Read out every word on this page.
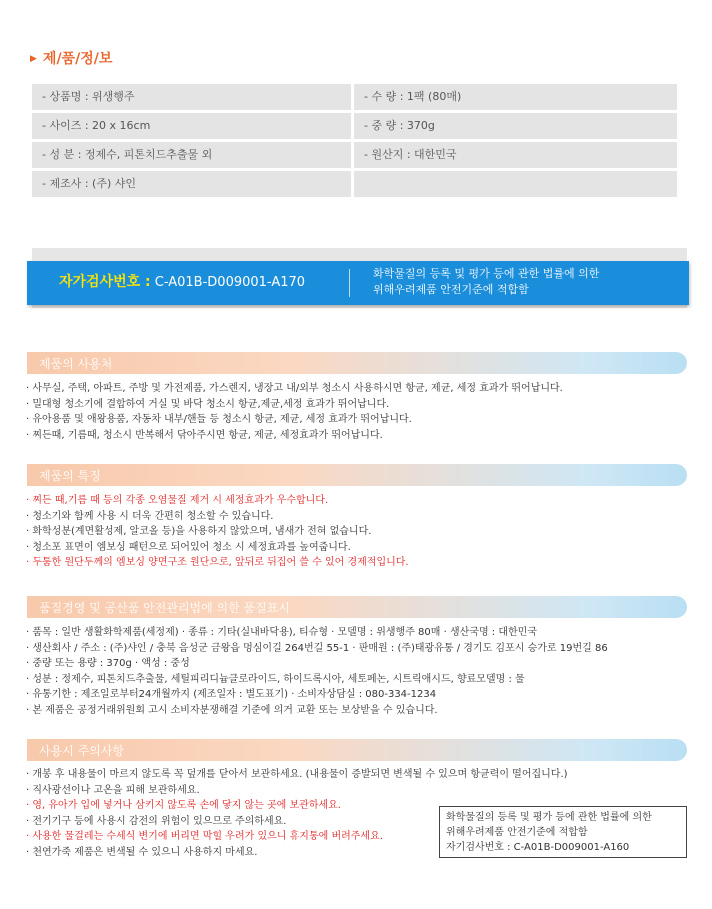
▶ 제/품/정/보
- 상품명 : 위생행주	- 수 량 : 1팩 (80매)
- 사이즈 : 20 x 16cm	- 중 량 : 370g
- 성 분 : 정제수, 피톤치드추출물 외	- 원산지 : 대한민국
- 제조사 : (주) 샤인
자가검사번호 : C-A01B-D009001-A170
화학물질의 등록 및 평가 등에 관한 법률에 의한
위해우려제품 안전기준에 적합함
제품의 사용처
· 사무실, 주택, 아파트, 주방 및 가전제품, 가스렌지, 냉장고 내/외부 청소시 사용하시면 항균, 제균, 세정 효과가 뛰어납니다.
· 밀대형 청소기에 결합하여 거실 및 바닥 청소시 항균,제균,세정 효과가 뛰어납니다.
· 유아용품 및 애왕용품, 자동차 내부/핸들 등 청소시 항균, 제균, 세정 효과가 뛰어납니다.
· 찌든때, 기름때, 청소시 반복해서 닦아주시면 항균, 제균, 세정효과가 뛰어납니다.
제품의 특징
· 찌든 때,기름 때 등의 각종 오염물질 제거 시 세정효과가 우수합니다.
· 청소기와 함께 사용 시 더욱 간편히 청소할 수 있습니다.
· 화학성분(계면활성제, 알코올 등)을 사용하지 않았으며, 냄새가 전혀 없습니다.
· 청소포 표면이 엠보싱 패턴으로 되어있어 청소 시 세정효과를 높여줍니다.
· 두툼한 원단두께의 엠보싱 양면구조 원단으로, 앞뒤로 뒤집어 쓸 수 있어 경제적입니다.
품질경영 및 공산품 안전관리법에 의한 품질표시
· 품목 : 일반 생활화학제품(세정제) · 종류 : 기타(실내바닥용), 티슈형 · 모델명 : 위생행주 80매 · 생산국명 : 대한민국
· 생산회사 / 주소 : (주)샤인 / 충북 음성군 금왕읍 멍심이길 264번길 55-1 · 판매원 : (주)태광유통 / 경기도 김포시 승가로 19번길 86
· 중량 또는 용량 : 370g · 액성 : 중성
· 성분 : 정제수, 피톤치드추출물, 세틸피리디늄클로라이드, 하이드록시아, 세토페논, 시트릭애시드, 향료모델명 : 물
· 유통기한 : 제조일로부터24개월까지 (제조일자 : 별도표기) · 소비자상담실 : 080-334-1234
· 본 제품은 공정거래위원회 고시 소비자분쟁해결 기준에 의거 교환 또는 보상받을 수 있습니다.
사용시 주의사항
· 개봉 후 내용물이 마르지 않도록 꼭 덮개를 닫아서 보관하세요. (내용물이 증발되면 변색될 수 있으며 항균력이 떨어집니다.)
· 직사광선이나 고온을 피해 보관하세요.
· 영, 유아가 입에 넣거나 삼키지 않도록 손에 닿지 않는 곳에 보관하세요.
· 전기기구 등에 사용시 감전의 위험이 있으므로 주의하세요.
· 사용한 물걸레는 수세식 변기에 버리면 막힐 우려가 있으니 휴지통에 버려주세요.
· 천연가죽 제품은 변색될 수 있으니 사용하지 마세요.
화학물질의 등록 및 평가 등에 관한 법률에 의한
위해우려제품 안전기준에 적합함
자기검사번호 : C-A01B-D009001-A160
